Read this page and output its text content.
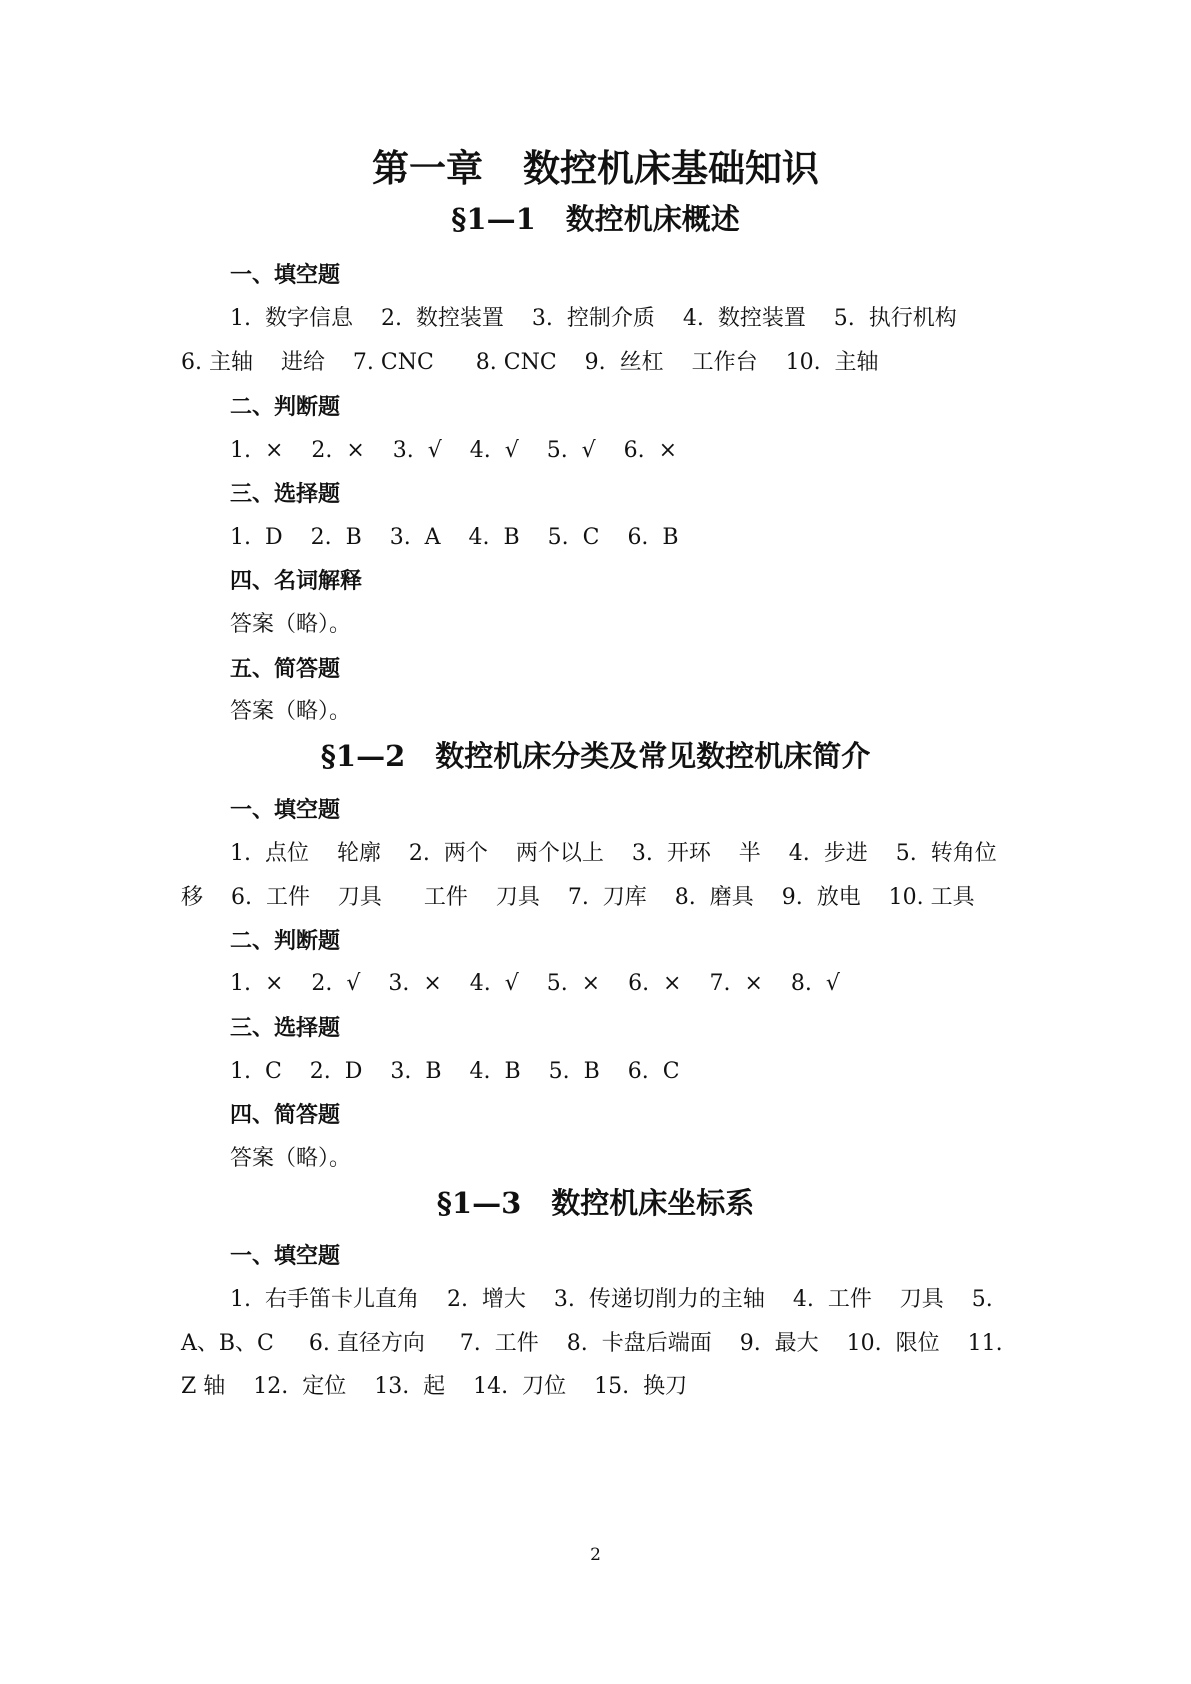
第一章 数控机床基础知识
§1—1 数控机床概述
一、填空题
1.  数字信息    2.  数控装置    3.  控制介质    4.  数控装置    5.  执行机构
6. 主轴    进给    7. CNC      8. CNC    9.  丝杠    工作台    10.  主轴
二、判断题
1.  ×    2.  ×    3.  √    4.  √    5.  √    6.  ×
三、选择题
1.  D    2.  B    3.  A    4.  B    5.  C    6.  B
四、名词解释
答案（略）。
五、简答题
答案（略）。
§1—2 数控机床分类及常见数控机床简介
一、填空题
1.  点位    轮廓    2.  两个    两个以上    3.  开环    半    4.  步进    5.  转角位
移    6.  工件    刀具      工件    刀具    7.  刀库    8.  磨具    9.  放电    10. 工具
二、判断题
1.  ×    2.  √    3.  ×    4.  √    5.  ×    6.  ×    7.  ×    8.  √
三、选择题
1.  C    2.  D    3.  B    4.  B    5.  B    6.  C
四、简答题
答案（略）。
§1—3 数控机床坐标系
一、填空题
1.  右手笛卡儿直角    2.  增大    3.  传递切削力的主轴    4.  工件    刀具    5.
A、B、C     6. 直径方向     7.  工件    8.  卡盘后端面    9.  最大    10.  限位    11.
Z 轴    12.  定位    13.  起    14.  刀位    15.  换刀
2
